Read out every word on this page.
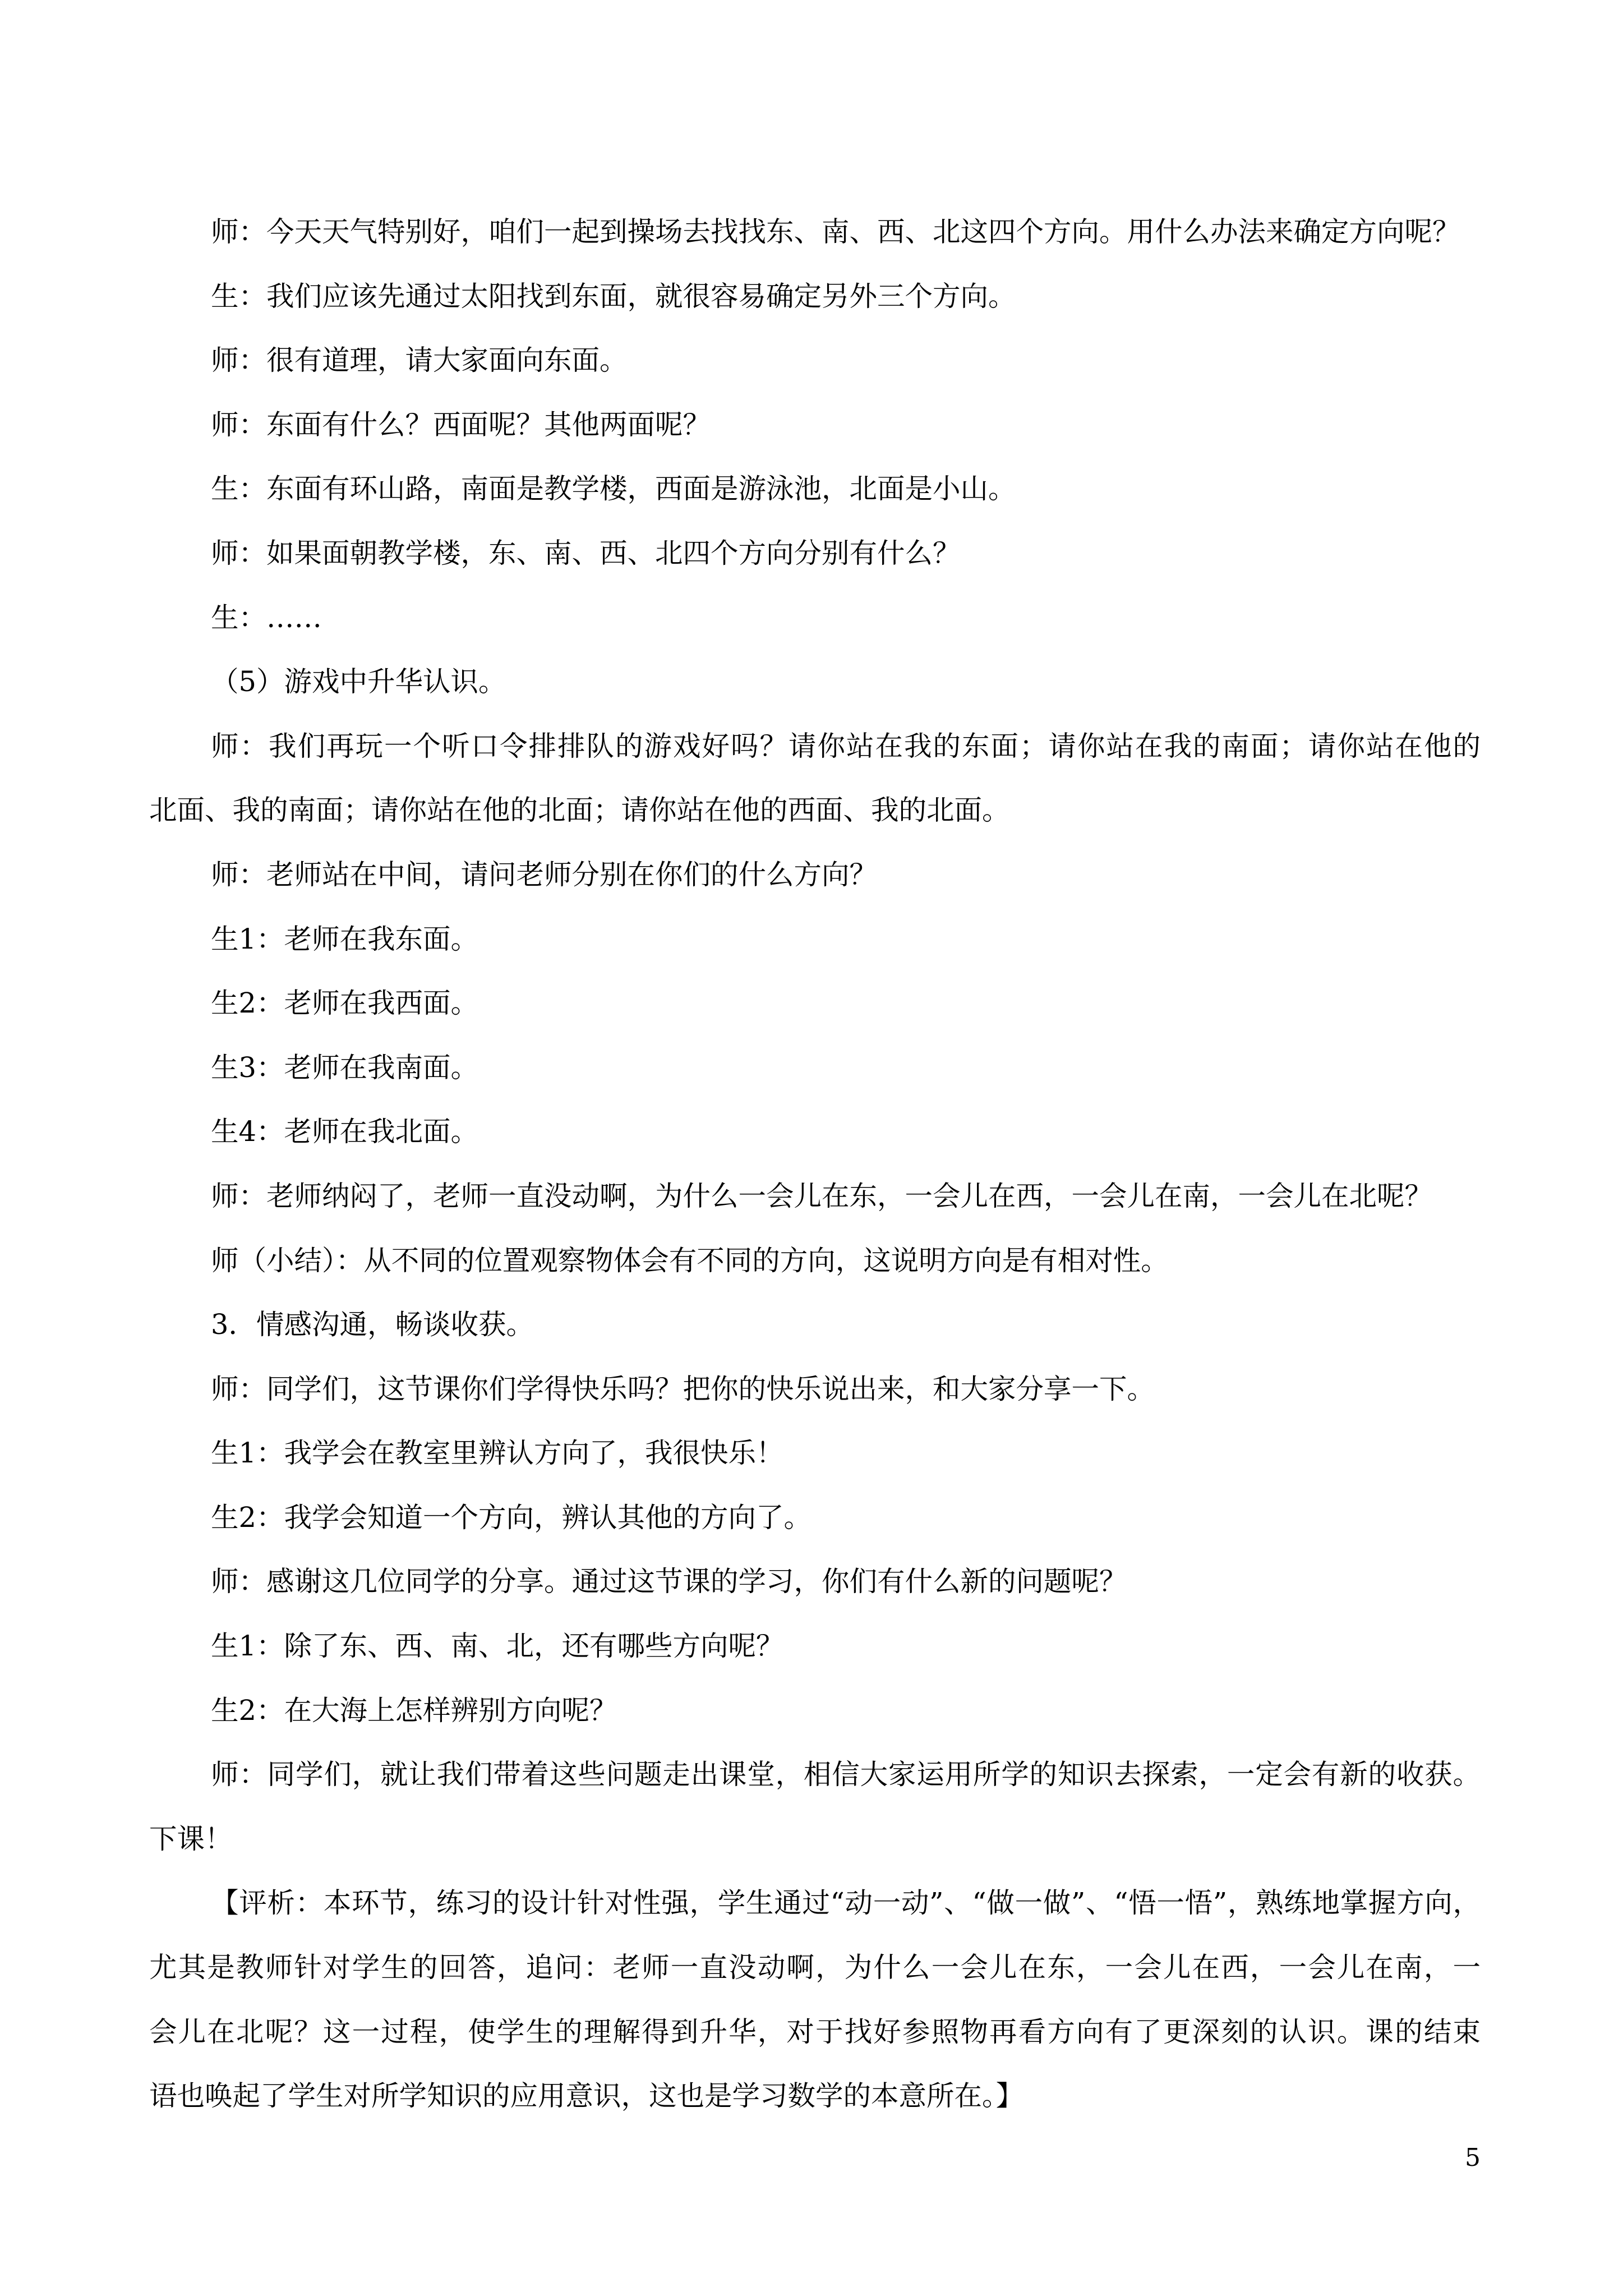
师：今天天气特别好，咱们一起到操场去找找东、南、西、北这四个方向。用什么办法来确定方向呢？
生：我们应该先通过太阳找到东面，就很容易确定另外三个方向。
师：很有道理，请大家面向东面。
师：东面有什么？西面呢？其他两面呢？
生：东面有环山路，南面是教学楼，西面是游泳池，北面是小山。
师：如果面朝教学楼，东、南、西、北四个方向分别有什么？
生：……
（5）游戏中升华认识。
师：我们再玩一个听口令排排队的游戏好吗？请你站在我的东面；请你站在我的南面；请你站在他的
北面、我的南面；请你站在他的北面；请你站在他的西面、我的北面。
师：老师站在中间，请问老师分别在你们的什么方向？
生1：老师在我东面。
生2：老师在我西面。
生3：老师在我南面。
生4：老师在我北面。
师：老师纳闷了，老师一直没动啊，为什么一会儿在东，一会儿在西，一会儿在南，一会儿在北呢？
师（小结）：从不同的位置观察物体会有不同的方向，这说明方向是有相对性。
3．情感沟通，畅谈收获。
师：同学们，这节课你们学得快乐吗？把你的快乐说出来，和大家分享一下。
生1：我学会在教室里辨认方向了，我很快乐！
生2：我学会知道一个方向，辨认其他的方向了。
师：感谢这几位同学的分享。通过这节课的学习，你们有什么新的问题呢？
生1：除了东、西、南、北，还有哪些方向呢？
生2：在大海上怎样辨别方向呢？
师：同学们，就让我们带着这些问题走出课堂，相信大家运用所学的知识去探索，一定会有新的收获。
下课！
【评析：本环节，练习的设计针对性强，学生通过“动一动”、“做一做”、“悟一悟”，熟练地掌握方向，
尤其是教师针对学生的回答，追问：老师一直没动啊，为什么一会儿在东，一会儿在西，一会儿在南，一
会儿在北呢？这一过程，使学生的理解得到升华，对于找好参照物再看方向有了更深刻的认识。课的结束
语也唤起了学生对所学知识的应用意识，这也是学习数学的本意所在。】
5
